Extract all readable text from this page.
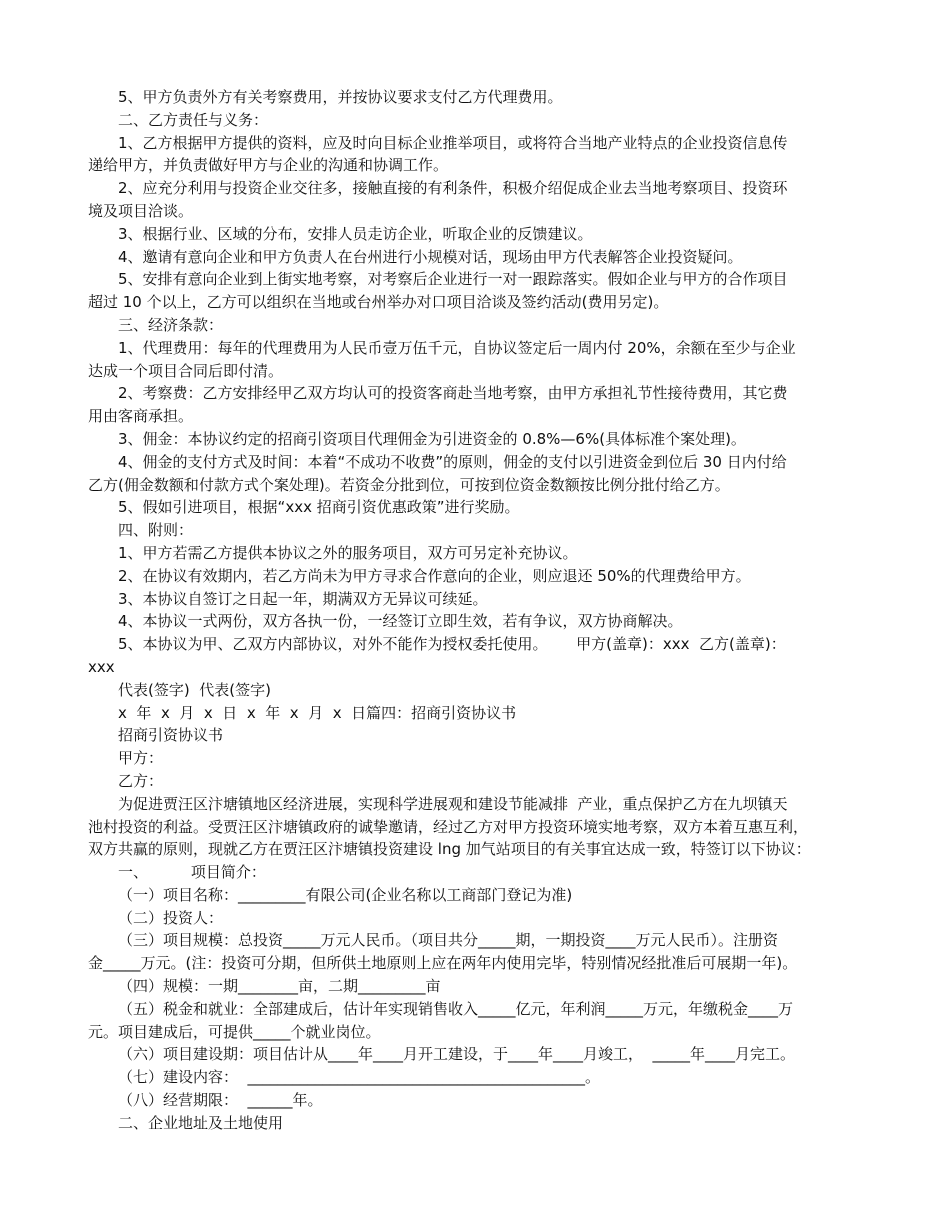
5、甲方负责外方有关考察费用，并按协议要求支付乙方代理费用。
二、乙方责任与义务：
1、乙方根据甲方提供的资料，应及时向目标企业推举项目，或将符合当地产业特点的企业投资信息传
递给甲方，并负责做好甲方与企业的沟通和协调工作。
2、应充分利用与投资企业交往多，接触直接的有利条件，积极介绍促成企业去当地考察项目、投资环
境及项目洽谈。
3、根据行业、区域的分布，安排人员走访企业，听取企业的反馈建议。
4、邀请有意向企业和甲方负责人在台州进行小规模对话，现场由甲方代表解答企业投资疑问。
5、安排有意向企业到上街实地考察，对考察后企业进行一对一跟踪落实。假如企业与甲方的合作项目
超过 10 个以上，乙方可以组织在当地或台州举办对口项目洽谈及签约活动(费用另定)。
三、经济条款：
1、代理费用：每年的代理费用为人民币壹万伍千元，自协议签定后一周内付 20%，余额在至少与企业
达成一个项目合同后即付清。
2、考察费：乙方安排经甲乙双方均认可的投资客商赴当地考察，由甲方承担礼节性接待费用，其它费
用由客商承担。
3、佣金：本协议约定的招商引资项目代理佣金为引进资金的 0.8%—6%(具体标准个案处理)。
4、佣金的支付方式及时间：本着“不成功不收费”的原则，佣金的支付以引进资金到位后 30 日内付给
乙方(佣金数额和付款方式个案处理)。若资金分批到位，可按到位资金数额按比例分批付给乙方。
5、假如引进项目，根据“xxx 招商引资优惠政策”进行奖励。
四、附则：
1、甲方若需乙方提供本协议之外的服务项目，双方可另定补充协议。
2、在协议有效期内，若乙方尚未为甲方寻求合作意向的企业，则应退还 50%的代理费给甲方。
3、本协议自签订之日起一年，期满双方无异议可续延。
4、本协议一式两份，双方各执一份，一经签订立即生效，若有争议，双方协商解决。
5、本协议为甲、乙双方内部协议，对外不能作为授权委托使用。      甲方(盖章)：xxx  乙方(盖章)：
xxx
代表(签字)  代表(签字)
x  年  x  月  x  日  x  年  x  月  x  日篇四：招商引资协议书
招商引资协议书
甲方：
乙方：
为促进贾汪区汴塘镇地区经济进展，实现科学进展观和建设节能减排  产业，重点保护乙方在九坝镇天
池村投资的利益。受贾汪区汴塘镇政府的诚挚邀请，经过乙方对甲方投资环境实地考察，双方本着互惠互利，
双方共赢的原则，现就乙方在贾汪区汴塘镇投资建设 lng 加气站项目的有关事宜达成一致，特签订以下协议：
一、         项目简介：
（一）项目名称：_________有限公司(企业名称以工商部门登记为准)
（二）投资人：
（三）项目规模：总投资_____万元人民币。（项目共分_____期，一期投资____万元人民币）。注册资
金_____万元。(注：投资可分期，但所供土地原则上应在两年内使用完毕，特别情况经批准后可展期一年)。
（四）规模：一期________亩，二期_________亩
（五）税金和就业：全部建成后，估计年实现销售收入_____亿元，年利润_____万元，年缴税金____万
元。项目建成后，可提供_____个就业岗位。
（六）项目建设期：项目估计从____年____月开工建设，于____年____月竣工，  _____年____月完工。
（七）建设内容：  _____________________________________________。
（八）经营期限：  ______年。
二、企业地址及土地使用
